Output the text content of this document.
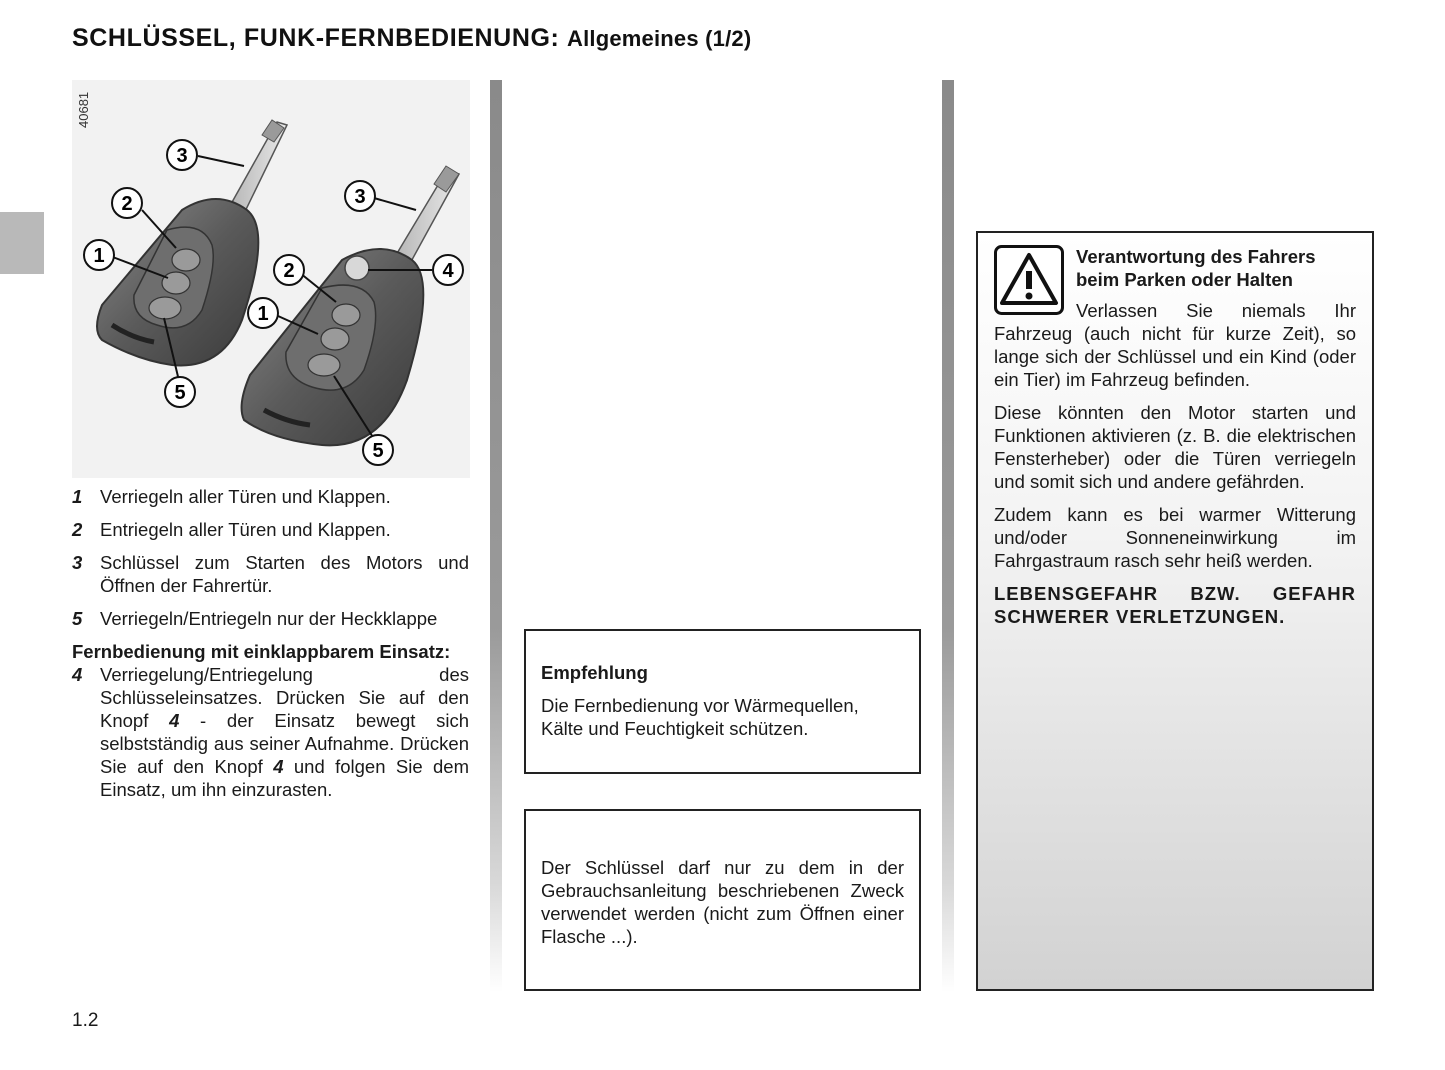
SCHLÜSSEL, FUNK-FERNBEDIENUNG: Allgemeines (1/2)
40681
3
2
1
5
3
2
1
4
5
1 Verriegeln aller Türen und Klappen.
2 Entriegeln aller Türen und Klappen.
3 Schlüssel zum Starten des Motors und Öffnen der Fahrertür.
5 Verriegeln/Entriegeln nur der Heckklappe
Fernbedienung mit einklappbarem Einsatz:
4 Verriegelung/Entriegelung des Schlüsseleinsatzes. Drücken Sie auf den Knopf 4 - der Einsatz bewegt sich selbstständig aus seiner Aufnahme. Drücken Sie auf den Knopf 4 und folgen Sie dem Einsatz, um ihn einzurasten.
Empfehlung
Die Fernbedienung vor Wärmequellen, Kälte und Feuchtigkeit schützen.
Der Schlüssel darf nur zu dem in der Gebrauchsanleitung beschriebenen Zweck verwendet werden (nicht zum Öffnen einer Flasche ...).
Verantwortung des Fahrers
beim Parken oder Halten

Verlassen Sie niemals Ihr Fahrzeug (auch nicht für kurze Zeit), so lange sich der Schlüssel und ein Kind (oder ein Tier) im Fahrzeug befinden.

Diese könnten den Motor starten und Funktionen aktivieren (z. B. die elektrischen Fensterheber) oder die Türen verriegeln und somit sich und andere gefährden.

Zudem kann es bei warmer Witterung und/oder Sonneneinwirkung im Fahrgastraum rasch sehr heiß werden.

LEBENSGEFAHR BZW. GEFAHR SCHWERER VERLETZUNGEN.

1.2
